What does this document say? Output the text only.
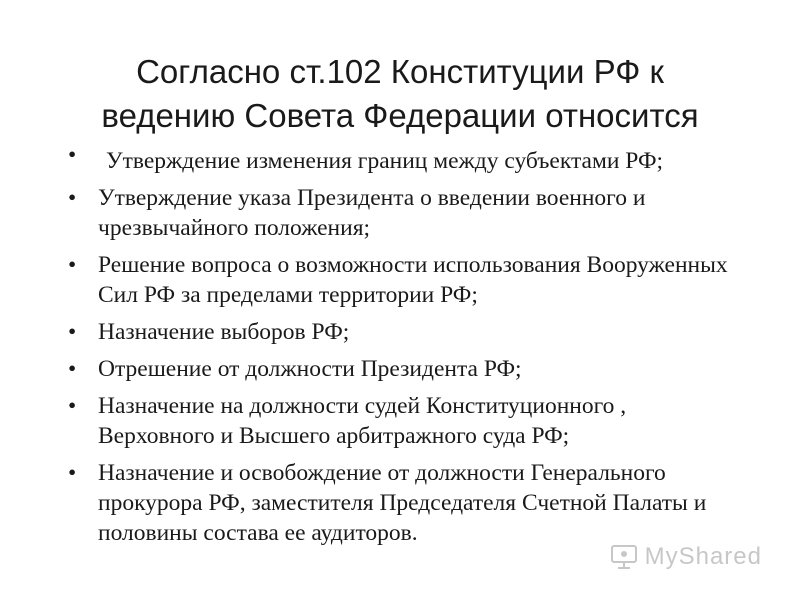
Согласно ст.102 Конституции РФ к
ведению Совета Федерации относится
•	Утверждение изменения границ между субъектами РФ;
• Утверждение указа Президента о введении военного и чрезвычайного положения;
• Решение вопроса о возможности использования Вооруженных Сил РФ за пределами территории РФ;
• Назначение выборов РФ;
• Отрешение от должности Президента РФ;
• Назначение на должности судей Конституционного , Верховного и Высшего арбитражного суда РФ;
• Назначение и освобождение от должности Генерального прокурора РФ, заместителя Председателя Счетной Палаты и половины состава ее аудиторов.
MyShared
